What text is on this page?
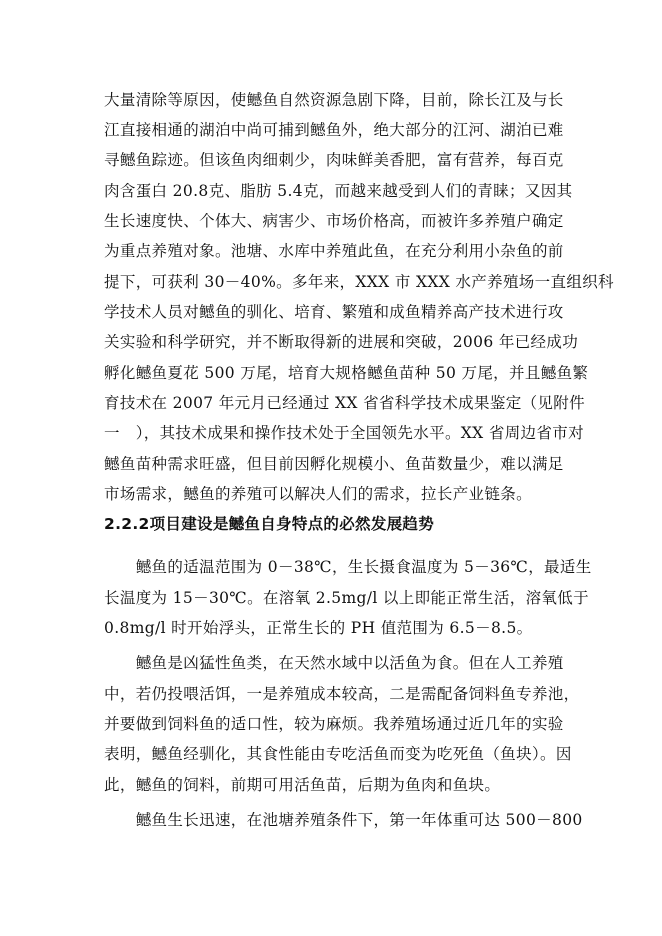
大量清除等原因，使鳡鱼自然资源急剧下降，目前，除长江及与长
江直接相通的湖泊中尚可捕到鳡鱼外，绝大部分的江河、湖泊已难
寻鳡鱼踪迹。但该鱼肉细刺少，肉味鲜美香肥，富有营养，每百克
肉含蛋白 20.8克、脂肪 5.4克，而越来越受到人们的青睐；又因其
生长速度快、个体大、病害少、市场价格高，而被许多养殖户确定
为重点养殖对象。池塘、水库中养殖此鱼，在充分利用小杂鱼的前
提下，可获利 30－40%。多年来，XXX 市 XXX 水产养殖场一直组织科
学技术人员对鳡鱼的驯化、培育、繁殖和成鱼精养高产技术进行攻
关实验和科学研究，并不断取得新的进展和突破，2006 年已经成功
孵化鳡鱼夏花 500 万尾，培育大规格鳡鱼苗种 50 万尾，并且鳡鱼繁
育技术在 2007 年元月已经通过 XX 省省科学技术成果鉴定（见附件
一　），其技术成果和操作技术处于全国领先水平。XX 省周边省市对
鳡鱼苗种需求旺盛，但目前因孵化规模小、鱼苗数量少，难以满足
市场需求，鳡鱼的养殖可以解决人们的需求，拉长产业链条。
2.2.2项目建设是鳡鱼自身特点的必然发展趋势
　　鳡鱼的适温范围为 0－38℃，生长摄食温度为 5－36℃，最适生
长温度为 15－30℃。在溶氧 2.5mg/l 以上即能正常生活，溶氧低于
0.8mg/l 时开始浮头，正常生长的 PH 值范围为 6.5－8.5。
　　鳡鱼是凶猛性鱼类，在天然水域中以活鱼为食。但在人工养殖
中，若仍投喂活饵，一是养殖成本较高，二是需配备饲料鱼专养池，
并要做到饲料鱼的适口性，较为麻烦。我养殖场通过近几年的实验
表明，鳡鱼经驯化，其食性能由专吃活鱼而变为吃死鱼（鱼块）。因
此，鳡鱼的饲料，前期可用活鱼苗，后期为鱼肉和鱼块。
　　鳡鱼生长迅速，在池塘养殖条件下，第一年体重可达 500－800
